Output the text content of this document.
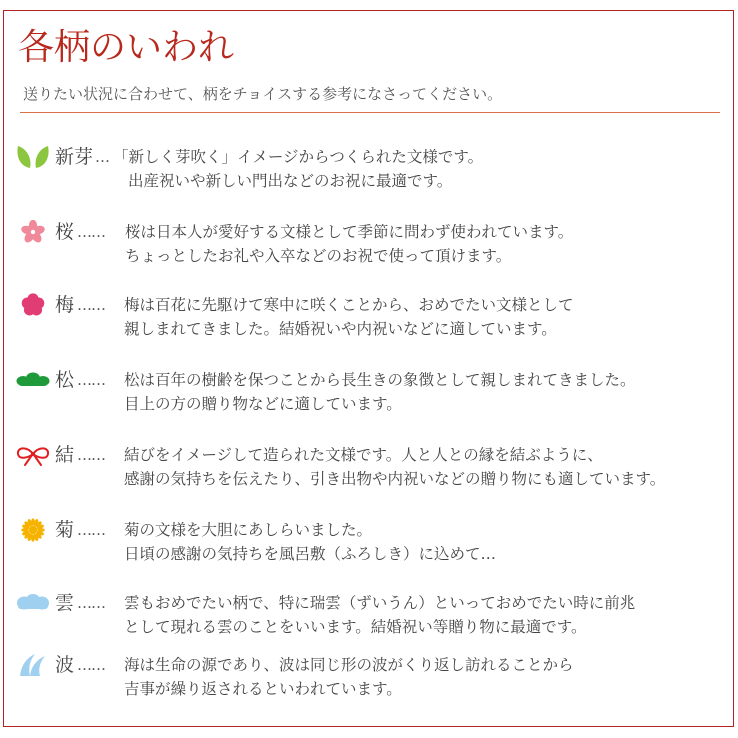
各柄のいわれ
送りたい状況に合わせて、柄をチョイスする参考になさってください。
新芽 … 「新しく芽吹く」イメージからつくられた文様です。
出産祝いや新しい門出などのお祝に最適です。
桜 …… 桜は日本人が愛好する文様として季節に問わず使われています。
ちょっとしたお礼や入卒などのお祝で使って頂けます。
梅 …… 梅は百花に先駆けて寒中に咲くことから、おめでたい文様として
親しまれてきました。結婚祝いや内祝いなどに適しています。
松 …… 松は百年の樹齢を保つことから長生きの象徴として親しまれてきました。
目上の方の贈り物などに適しています。
結 …… 結びをイメージして造られた文様です。人と人との縁を結ぶように、
感謝の気持ちを伝えたり、引き出物や内祝いなどの贈り物にも適しています。
菊 …… 菊の文様を大胆にあしらいました。
日頃の感謝の気持ちを風呂敷（ふろしき）に込めて…
雲 …… 雲もおめでたい柄で、特に瑞雲（ずいうん）といっておめでたい時に前兆
として現れる雲のことをいいます。結婚祝い等贈り物に最適です。
波 …… 海は生命の源であり、波は同じ形の波がくり返し訪れることから
吉事が繰り返されるといわれています。
